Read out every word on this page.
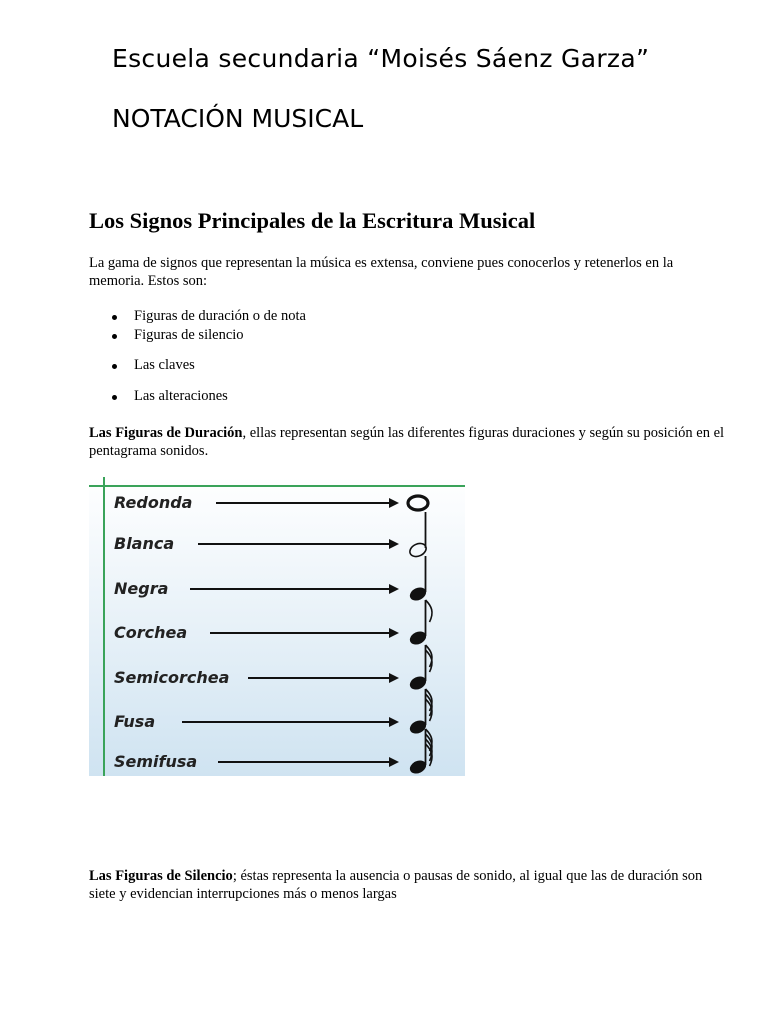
Escuela secundaria “Moisés Sáenz Garza”
NOTACIÓN MUSICAL
Los Signos Principales de la Escritura Musical

La gama de signos que representan la música es extensa, conviene pues conocerlos y retenerlos en la memoria. Estos son:

Figuras de duración o de nota
Figuras de silencio
Las claves
Las alteraciones

Las Figuras de Duración, ellas representan según las diferentes figuras duraciones y según su posición en el pentagrama sonidos.

Redonda
Blanca
Negra
Corchea
Semicorchea
Fusa
Semifusa

Las Figuras de Silencio; éstas representa la ausencia o pausas de sonido, al igual que las de duración son siete y evidencian interrupciones más o menos largas
